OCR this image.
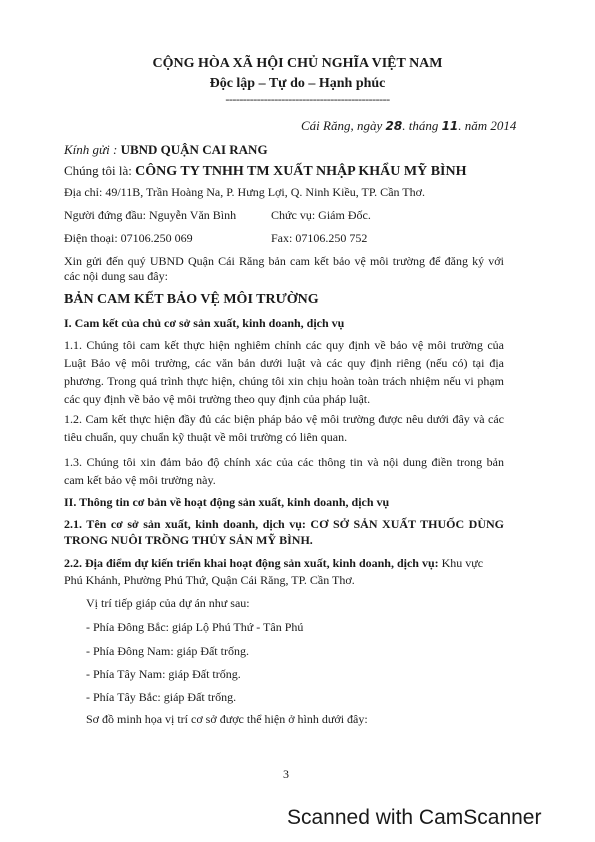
CỘNG HÒA XÃ HỘI CHỦ NGHĨA VIỆT NAM
Độc lập – Tự do – Hạnh phúc
-----------------------------------------------
Cái Răng, ngày 28. tháng 11. năm 2014
Kính gửi : UBND QUẬN CAI RANG
Chúng tôi là: CÔNG TY TNHH TM XUẤT NHẬP KHẨU MỸ BÌNH
Địa chỉ: 49/11B, Trần Hoàng Na, P. Hưng Lợi, Q. Ninh Kiều, TP. Cần Thơ.
Người đứng đầu: Nguyễn Văn Bình	Chức vụ: Giám Đốc.
Điện thoại: 07106.250 069	Fax: 07106.250 752
Xin gửi đến quý UBND Quận Cái Răng bản cam kết bảo vệ môi trường để đăng ký với
các nội dung sau đây:
BẢN CAM KẾT BẢO VỆ MÔI TRƯỜNG
I. Cam kết của chủ cơ sở sản xuất, kinh doanh, dịch vụ
1.1. Chúng tôi cam kết thực hiện nghiêm chỉnh các quy định về bảo vệ môi trường của
Luật Bảo vệ môi trường, các văn bản dưới luật và các quy định riêng (nếu có) tại địa
phương. Trong quá trình thực hiện, chúng tôi xin chịu hoàn toàn trách nhiệm nếu vi phạm
các quy định về bảo vệ môi trường theo quy định của pháp luật.
1.2. Cam kết thực hiện đầy đủ các biện pháp bảo vệ môi trường được nêu dưới đây và các
tiêu chuẩn, quy chuẩn kỹ thuật về môi trường có liên quan.
1.3. Chúng tôi xin đảm bảo độ chính xác của các thông tin và nội dung điền trong bản
cam kết bảo vệ môi trường này.
II. Thông tin cơ bản về hoạt động sản xuất, kinh doanh, dịch vụ
2.1. Tên cơ sở sản xuất, kinh doanh, dịch vụ: CƠ SỞ SẢN XUẤT THUỐC DÙNG
TRONG NUÔI TRỒNG THỦY SẢN MỸ BÌNH.
2.2. Địa điểm dự kiến triển khai hoạt động sản xuất, kinh doanh, dịch vụ: Khu vực
Phú Khánh, Phường Phú Thứ, Quận Cái Răng, TP. Cần Thơ.
Vị trí tiếp giáp của dự án như sau:
- Phía Đông Bắc: giáp Lộ Phú Thứ - Tân Phú
- Phía Đông Nam: giáp Đất trống.
- Phía Tây Nam: giáp Đất trống.
- Phía Tây Bắc: giáp Đất trống.
Sơ đồ minh họa vị trí cơ sở được thể hiện ở hình dưới đây:
3
Scanned with CamScanner
